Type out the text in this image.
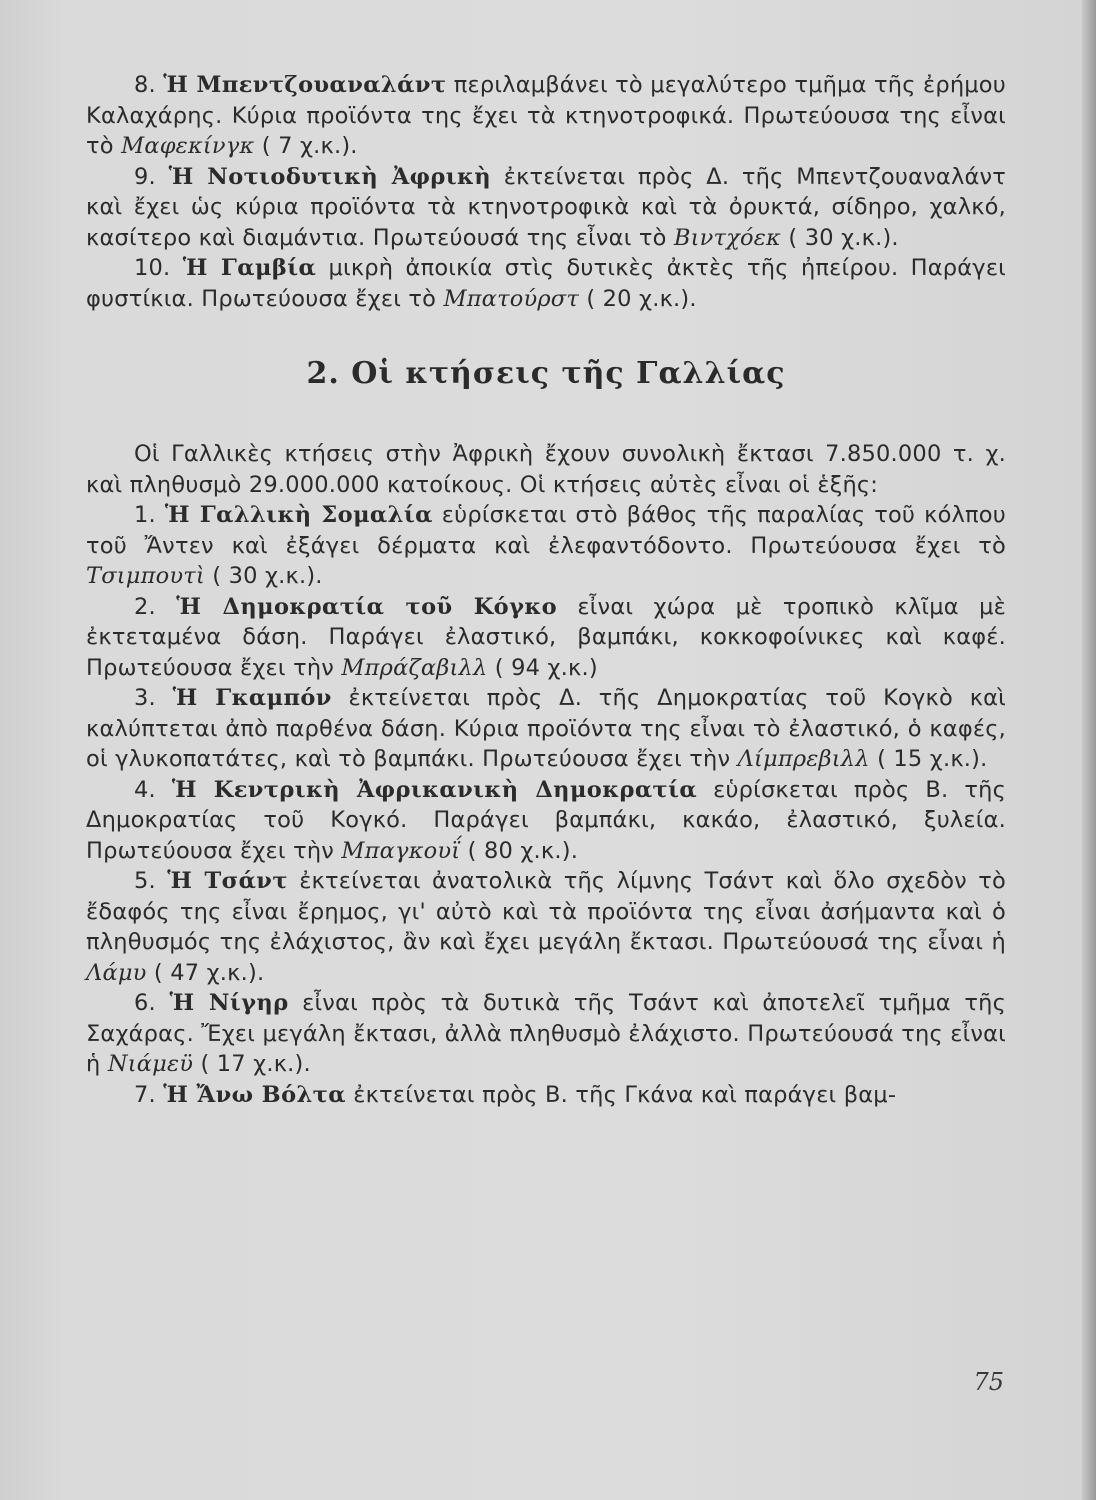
8. Ἡ Μπεντζουαναλάντ περιλαμβάνει τὸ μεγαλύτερο τμῆμα τῆς ἐρήμου Καλαχάρης. Κύρια προϊόντα της ἔχει τὰ κτηνοτροφικά. Πρωτεύουσα της εἶναι τὸ Μαφεκίνγκ ( 7 χ.κ.).

9. Ἡ Νοτιοδυτικὴ Ἀφρικὴ ἐκτείνεται πρὸς Δ. τῆς Μπεντζουαναλάντ καὶ ἔχει ὡς κύρια προϊόντα τὰ κτηνοτροφικὰ καὶ τὰ ὀρυκτά, σίδηρο, χαλκό, κασίτερο καὶ διαμάντια. Πρωτεύουσά της εἶναι τὸ Βιντχόεκ ( 30 χ.κ.).

10. Ἡ Γαμβία μικρὴ ἀποικία στὶς δυτικὲς ἀκτὲς τῆς ἠπείρου. Παράγει φυστίκια. Πρωτεύουσα ἔχει τὸ Μπατούρστ ( 20 χ.κ.).

2. Οἱ κτήσεις τῆς Γαλλίας

Οἱ Γαλλικὲς κτήσεις στὴν Ἀφρικὴ ἔχουν συνολικὴ ἔκτασι 7.850.000 τ. χ. καὶ πληθυσμὸ 29.000.000 κατοίκους. Οἱ κτήσεις αὐτὲς εἶναι οἱ ἑξῆς:

1. Ἡ Γαλλικὴ Σομαλία εὑρίσκεται στὸ βάθος τῆς παραλίας τοῦ κόλπου τοῦ Ἄντεν καὶ ἐξάγει δέρματα καὶ ἐλεφαντόδοντο. Πρωτεύουσα ἔχει τὸ Τσιμπουτὶ ( 30 χ.κ.).

2. Ἡ Δημοκρατία τοῦ Κόγκο εἶναι χώρα μὲ τροπικὸ κλῖμα μὲ ἐκτεταμένα δάση. Παράγει ἐλαστικό, βαμπάκι, κοκκοφοίνικες καὶ καφέ. Πρωτεύουσα ἔχει τὴν Μπράζαβιλλ ( 94 χ.κ.)

3. Ἡ Γκαμπόν ἐκτείνεται πρὸς Δ. τῆς Δημοκρατίας τοῦ Κογκὸ καὶ καλύπτεται ἀπὸ παρθένα δάση. Κύρια προϊόντα της εἶναι τὸ ἐλαστικό, ὁ καφές, οἱ γλυκοπατάτες, καὶ τὸ βαμπάκι. Πρωτεύουσα ἔχει τὴν Λίμπρεβιλλ ( 15 χ.κ.).

4. Ἡ Κεντρικὴ Ἀφρικανικὴ Δημοκρατία εὑρίσκεται πρὸς Β. τῆς Δημοκρατίας τοῦ Κογκό. Παράγει βαμπάκι, κακάο, ἐλαστικό, ξυλεία. Πρωτεύουσα ἔχει τὴν Μπαγκουΐ ( 80 χ.κ.).

5. Ἡ Τσάντ ἐκτείνεται ἀνατολικὰ τῆς λίμνης Τσάντ καὶ ὅλο σχεδὸν τὸ ἔδαφός της εἶναι ἔρημος, γι' αὐτὸ καὶ τὰ προϊόντα της εἶναι ἀσήμαντα καὶ ὁ πληθυσμός της ἐλάχιστος, ἂν καὶ ἔχει μεγάλη ἔκτασι. Πρωτεύουσά της εἶναι ἡ Λάμυ ( 47 χ.κ.).

6. Ἡ Νίγηρ εἶναι πρὸς τὰ δυτικὰ τῆς Τσάντ καὶ ἀποτελεῖ τμῆμα τῆς Σαχάρας. Ἔχει μεγάλη ἔκτασι, ἀλλὰ πληθυσμὸ ἐλάχιστο. Πρωτεύουσά της εἶναι ἡ Νιάμεϋ ( 17 χ.κ.).

7. Ἡ Ἄνω Βόλτα ἐκτείνεται πρὸς Β. τῆς Γκάνα καὶ παράγει βαμ-

75
